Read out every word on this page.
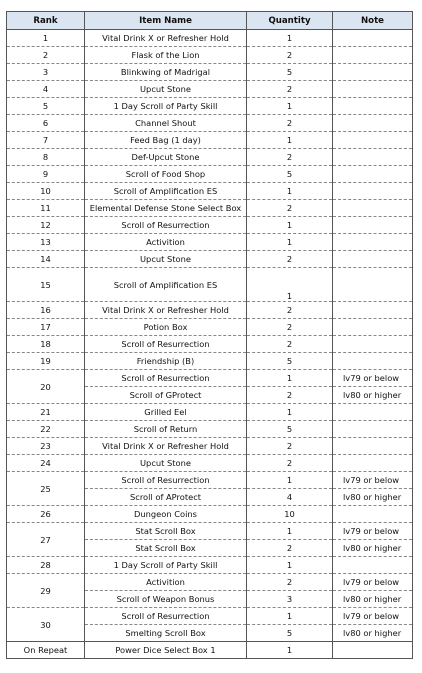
Rank	Item Name	Quantity	Note
1	Vital Drink X or Refresher Hold	1	
2	Flask of the Lion	2	
3	Blinkwing of Madrigal	5	
4	Upcut Stone	2	
5	1 Day Scroll of Party Skill	1	
6	Channel Shout	2	
7	Feed Bag (1 day)	1	
8	Def-Upcut Stone	2	
9	Scroll of Food Shop	5	
10	Scroll of Amplification ES	1	
11	Elemental Defense Stone Select Box	2	
12	Scroll of Resurrection	1	
13	Activition	1	
14	Upcut Stone	2	
15	Scroll of Amplification ES	1	
16	Vital Drink X or Refresher Hold	2	
17	Potion Box	2	
18	Scroll of Resurrection	2	
19	Friendship (B)	5	
20	Scroll of Resurrection	1	lv79 or below
	Scroll of GProtect	2	lv80 or higher
21	Grilled Eel	1	
22	Scroll of Return	5	
23	Vital Drink X or Refresher Hold	2	
24	Upcut Stone	2	
25	Scroll of Resurrection	1	lv79 or below
	Scroll of AProtect	4	lv80 or higher
26	Dungeon Coins	10	
27	Stat Scroll Box	1	lv79 or below
	Stat Scroll Box	2	lv80 or higher
28	1 Day Scroll of Party Skill	1	
29	Activition	2	lv79 or below
	Scroll of Weapon Bonus	3	lv80 or higher
30	Scroll of Resurrection	1	lv79 or below
	Smelting Scroll Box	5	lv80 or higher
On Repeat	Power Dice Select Box 1	1	
